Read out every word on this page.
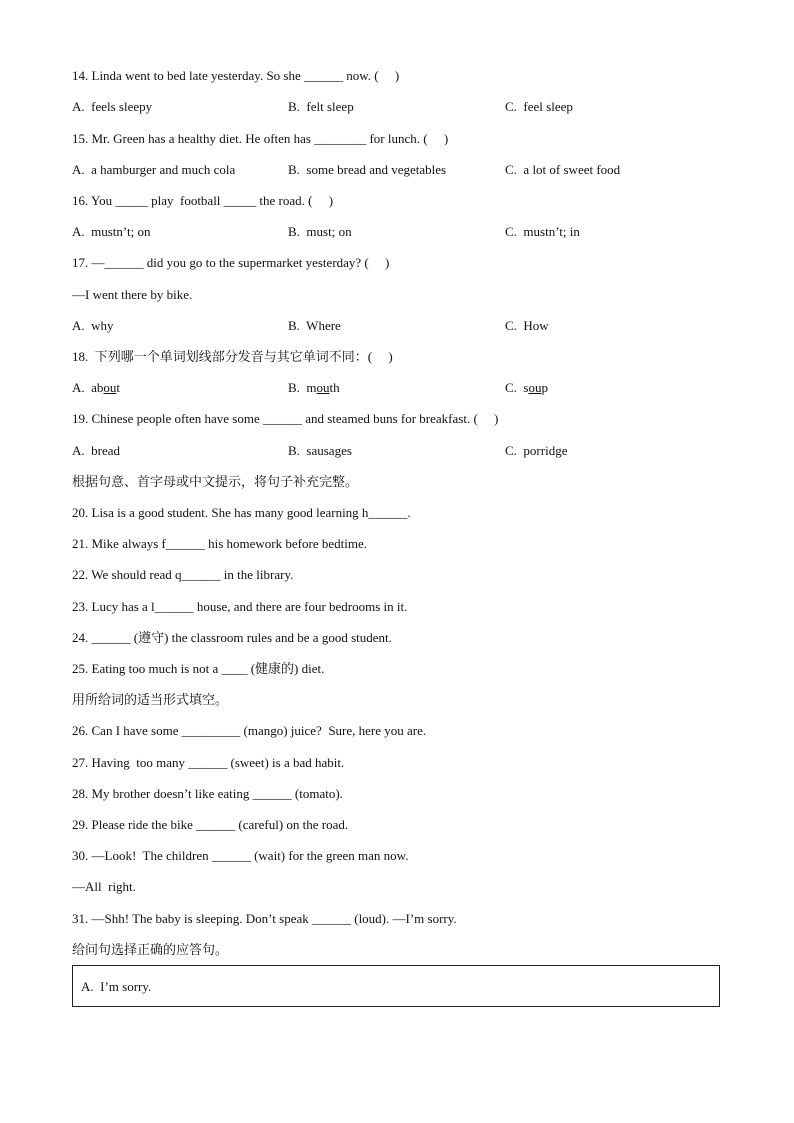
14. Linda went to bed late yesterday. So she ______ now. (     )
A.  feels sleepy	B.  felt sleep	C.  feel sleep
15. Mr. Green has a healthy diet. He often has ________ for lunch. (     )
A.  a hamburger and much cola	B.  some bread and vegetables	C.  a lot of sweet food
16. You _____ play  football _____ the road. (     )
A.  mustn’t; on	B.  must; on	C.  mustn’t; in
17. —______ did you go to the supermarket yesterday? (     )
—I went there by bike.
A.  why	B.  Where	C.  How
18.  下列哪一个单词划线部分发音与其它单词不同：(     )
A.  about	B.  mouth	C.  soup
19. Chinese people often have some ______ and steamed buns for breakfast. (     )
A.  bread	B.  sausages	C.  porridge
根据句意、首字母或中文提示，将句子补充完整。
20. Lisa is a good student. She has many good learning h______.
21. Mike always f______ his homework before bedtime.
22. We should read q______ in the library.
23. Lucy has a l______ house, and there are four bedrooms in it.
24. ______ (遵守) the classroom rules and be a good student.
25. Eating too much is not a ____ (健康的) diet.
用所给词的适当形式填空。
26. Can I have some _________ (mango) juice?  Sure, here you are.
27. Having  too many ______ (sweet) is a bad habit.
28. My brother doesn’t like eating ______ (tomato).
29. Please ride the bike ______ (careful) on the road.
30. —Look!  The children ______ (wait) for the green man now.
—All  right.
31. —Shh! The baby is sleeping. Don’t speak ______ (loud). —I’m sorry.
给问句选择正确的应答句。
A.  I’m sorry.
